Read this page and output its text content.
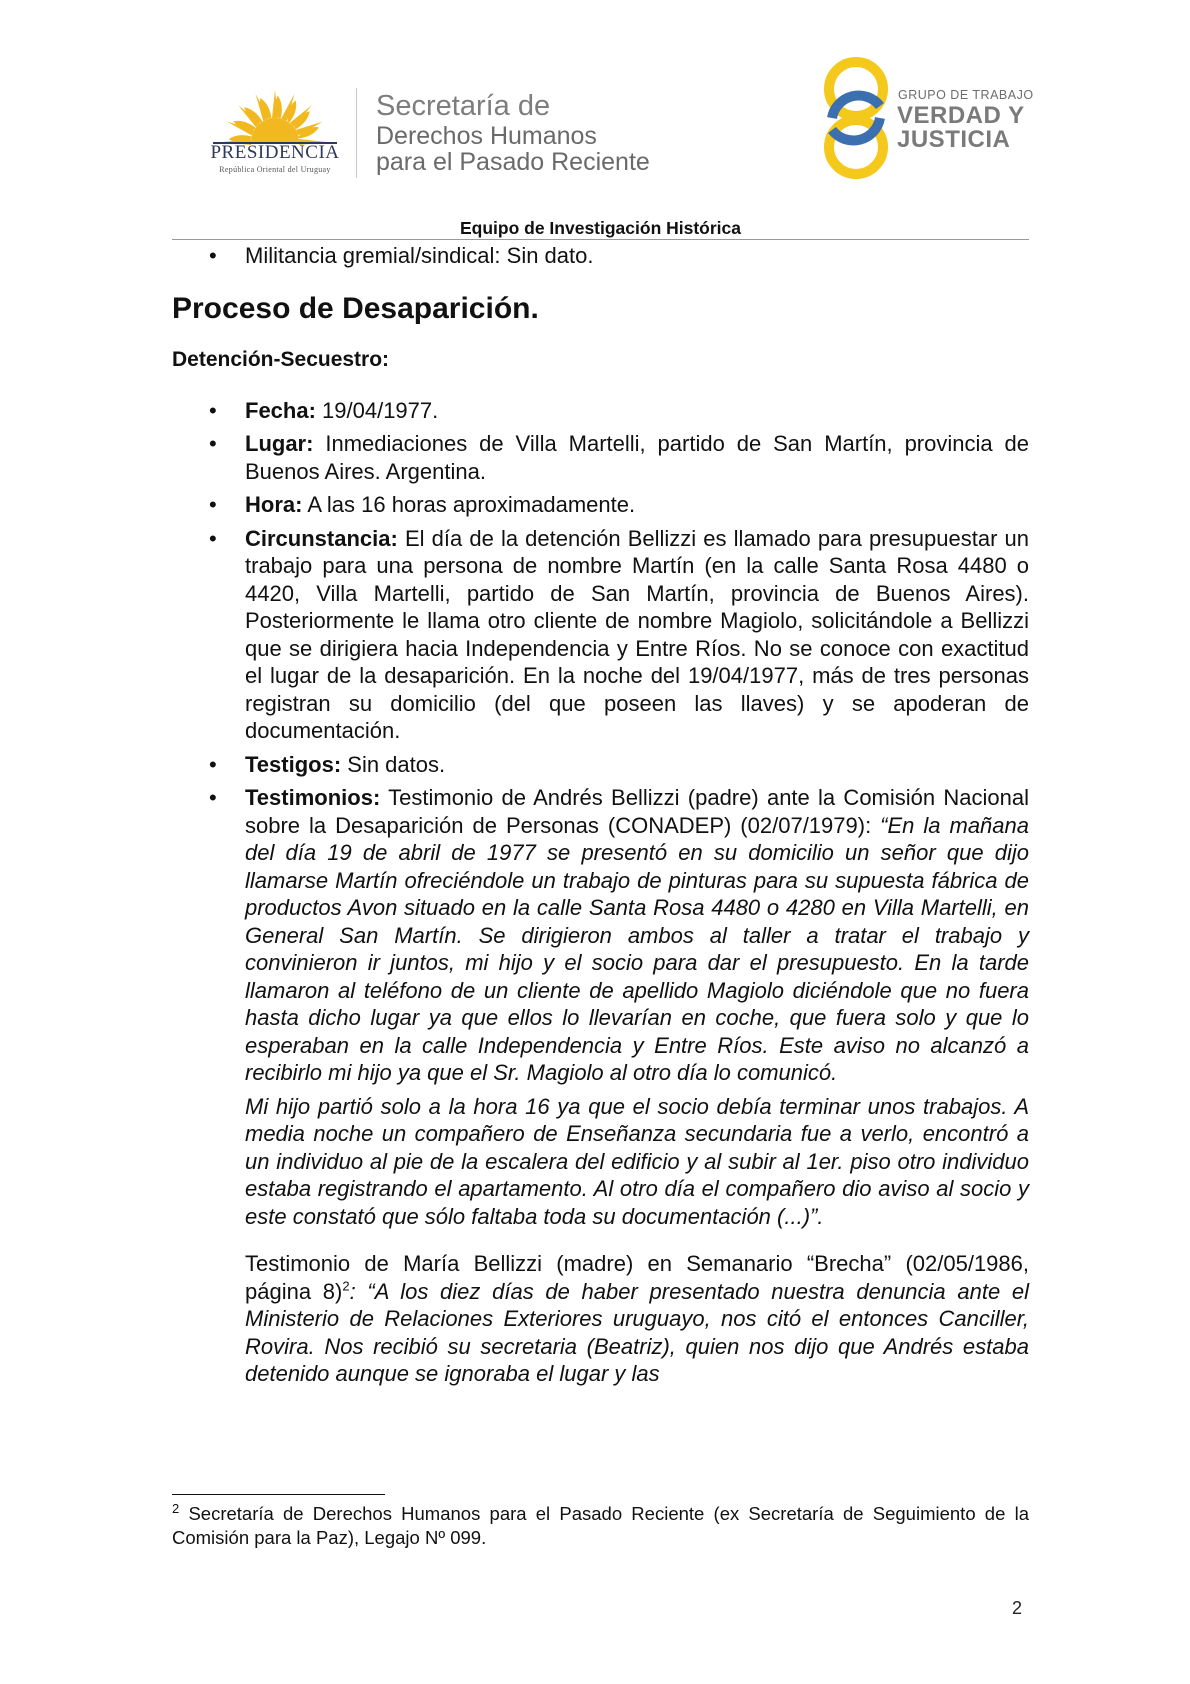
PRESIDENCIA
República Oriental del Uruguay
Secretaría de
Derechos Humanos
para el Pasado Reciente
GRUPO DE TRABAJO
VERDAD Y
JUSTICIA
Equipo de Investigación Histórica
• Militancia gremial/sindical: Sin dato.
Proceso de Desaparición.
Detención-Secuestro:
• Fecha: 19/04/1977.
• Lugar: Inmediaciones de Villa Martelli, partido de San Martín, provincia de Buenos Aires. Argentina.
• Hora: A las 16 horas aproximadamente.
• Circunstancia: El día de la detención Bellizzi es llamado para presupuestar un trabajo para una persona de nombre Martín (en la calle Santa Rosa 4480 o 4420, Villa Martelli, partido de San Martín, provincia de Buenos Aires). Posteriormente le llama otro cliente de nombre Magiolo, solicitándole a Bellizzi que se dirigiera hacia Independencia y Entre Ríos. No se conoce con exactitud el lugar de la desaparición. En la noche del 19/04/1977, más de tres personas registran su domicilio (del que poseen las llaves) y se apoderan de documentación.
• Testigos: Sin datos.
• Testimonios: Testimonio de Andrés Bellizzi (padre) ante la Comisión Nacional sobre la Desaparición de Personas (CONADEP) (02/07/1979): “En la mañana del día 19 de abril de 1977 se presentó en su domicilio un señor que dijo llamarse Martín ofreciéndole un trabajo de pinturas para su supuesta fábrica de productos Avon situado en la calle Santa Rosa 4480 o 4280 en Villa Martelli, en General San Martín. Se dirigieron ambos al taller a tratar el trabajo y convinieron ir juntos, mi hijo y el socio para dar el presupuesto. En la tarde llamaron al teléfono de un cliente de apellido Magiolo diciéndole que no fuera hasta dicho lugar ya que ellos lo llevarían en coche, que fuera solo y que lo esperaban en la calle Independencia y Entre Ríos. Este aviso no alcanzó a recibirlo mi hijo ya que el Sr. Magiolo al otro día lo comunicó.
Mi hijo partió solo a la hora 16 ya que el socio debía terminar unos trabajos. A media noche un compañero de Enseñanza secundaria fue a verlo, encontró a un individuo al pie de la escalera del edificio y al subir al 1er. piso otro individuo estaba registrando el apartamento. Al otro día el compañero dio aviso al socio y este constató que sólo faltaba toda su documentación (...)”.
Testimonio de María Bellizzi (madre) en Semanario “Brecha” (02/05/1986, página 8)$^2$: “A los diez días de haber presentado nuestra denuncia ante el Ministerio de Relaciones Exteriores uruguayo, nos citó el entonces Canciller, Rovira. Nos recibió su secretaria (Beatriz), quien nos dijo que Andrés estaba detenido aunque se ignoraba el lugar y las
$^2$ Secretaría de Derechos Humanos para el Pasado Reciente (ex Secretaría de Seguimiento de la Comisión para la Paz), Legajo Nº 099.
2
